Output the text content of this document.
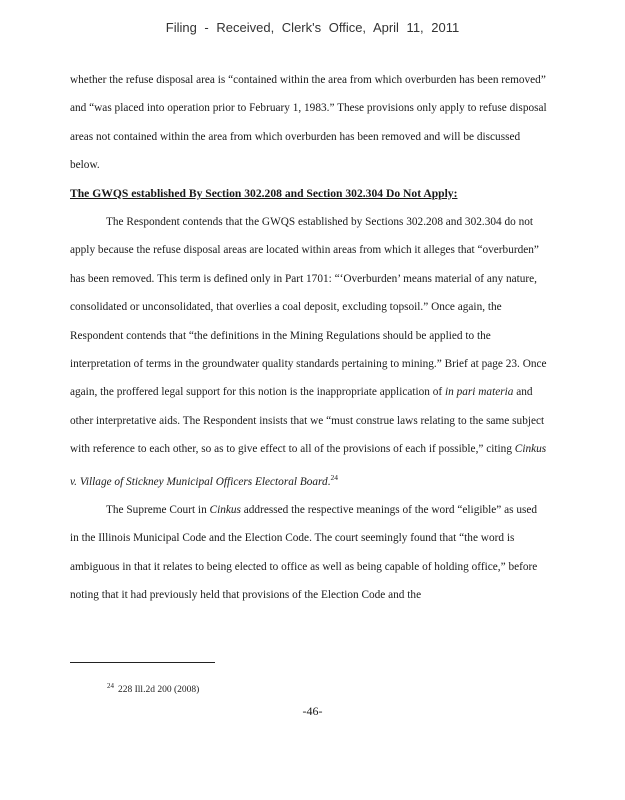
Filing - Received, Clerk's Office, April 11, 2011

whether the refuse disposal area is “contained within the area from which overburden has been removed” and “was placed into operation prior to February 1, 1983.” These provisions only apply to refuse disposal areas not contained within the area from which overburden has been removed and will be discussed below.

The GWQS established By Section 302.208 and Section 302.304 Do Not Apply:

The Respondent contends that the GWQS established by Sections 302.208 and 302.304 do not apply because the refuse disposal areas are located within areas from which it alleges that “overburden” has been removed. This term is defined only in Part 1701: “‘Overburden’ means material of any nature, consolidated or unconsolidated, that overlies a coal deposit, excluding topsoil.” Once again, the Respondent contends that “the definitions in the Mining Regulations should be applied to the interpretation of terms in the groundwater quality standards pertaining to mining.” Brief at page 23. Once again, the proffered legal support for this notion is the inappropriate application of in pari materia and other interpretative aids. The Respondent insists that we “must construe laws relating to the same subject with reference to each other, so as to give effect to all of the provisions of each if possible,” citing Cinkus v. Village of Stickney Municipal Officers Electoral Board.$^{24}$

The Supreme Court in Cinkus addressed the respective meanings of the word “eligible” as used in the Illinois Municipal Code and the Election Code. The court seemingly found that “the word is ambiguous in that it relates to being elected to office as well as being capable of holding office,” before noting that it had previously held that provisions of the Election Code and the

$^{24}$ 228 Ill.2d 200 (2008)
-46-
